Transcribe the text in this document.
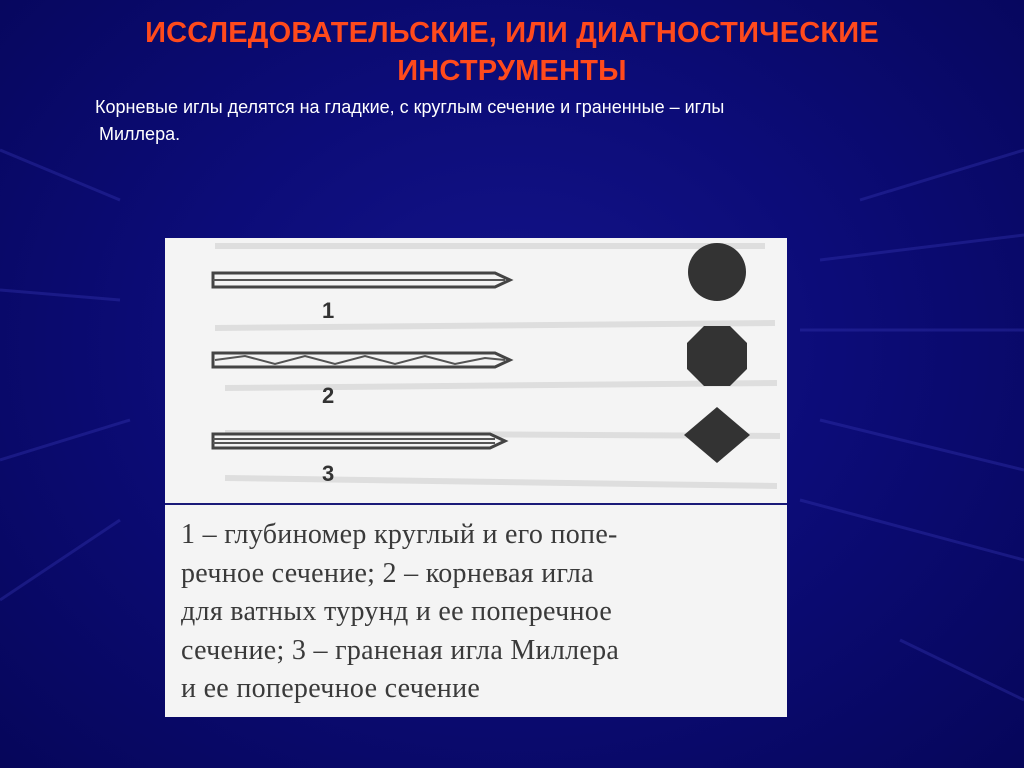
ИССЛЕДОВАТЕЛЬСКИЕ, ИЛИ ДИАГНОСТИЧЕСКИЕ
ИНСТРУМЕНТЫ
Корневые иглы делятся на гладкие, с круглым сечение и граненные – иглы
Миллера.
1
2
3
1 – глубиномер круглый и его попе-
речное сечение; 2 – корневая игла
для ватных турунд и ее поперечное
сечение; 3 – граненая игла Миллера
и ее поперечное сечение
